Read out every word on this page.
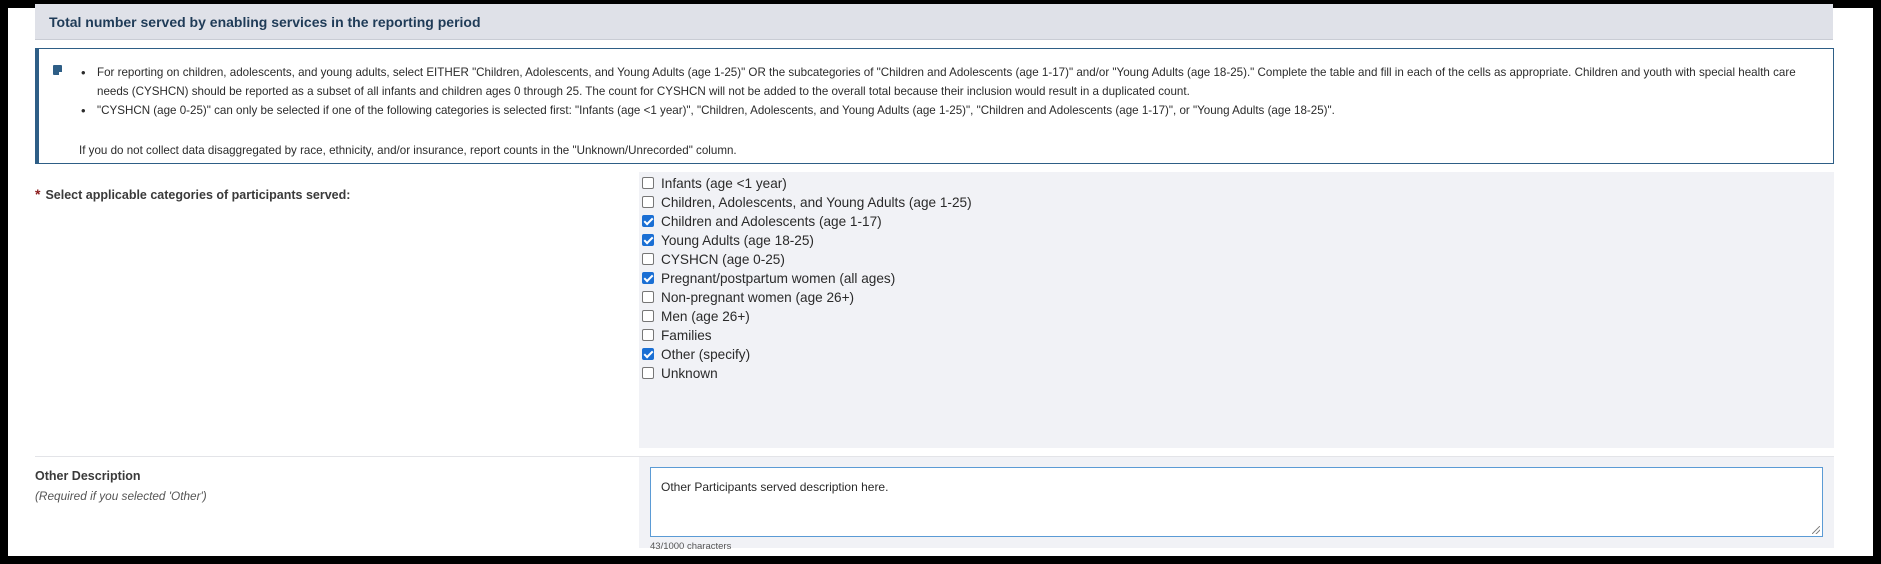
Total number served by enabling services in the reporting period
• For reporting on children, adolescents, and young adults, select EITHER "Children, Adolescents, and Young Adults (age 1-25)" OR the subcategories of "Children and Adolescents (age 1-17)" and/or "Young Adults (age 18-25)." Complete the table and fill in each of the cells as appropriate. Children and youth with special health care needs (CYSHCN) should be reported as a subset of all infants and children ages 0 through 25. The count for CYSHCN will not be added to the overall total because their inclusion would result in a duplicated count.
• "CYSHCN (age 0-25)" can only be selected if one of the following categories is selected first: "Infants (age <1 year)", "Children, Adolescents, and Young Adults (age 1-25)", "Children and Adolescents (age 1-17)", or "Young Adults (age 18-25)".
If you do not collect data disaggregated by race, ethnicity, and/or insurance, report counts in the "Unknown/Unrecorded" column.
* Select applicable categories of participants served:
Infants (age <1 year)
Children, Adolescents, and Young Adults (age 1-25)
Children and Adolescents (age 1-17)
Young Adults (age 18-25)
CYSHCN (age 0-25)
Pregnant/postpartum women (all ages)
Non-pregnant women (age 26+)
Men (age 26+)
Families
Other (specify)
Unknown
Other Description
(Required if you selected 'Other')
Other Participants served description here.
43/1000 characters
